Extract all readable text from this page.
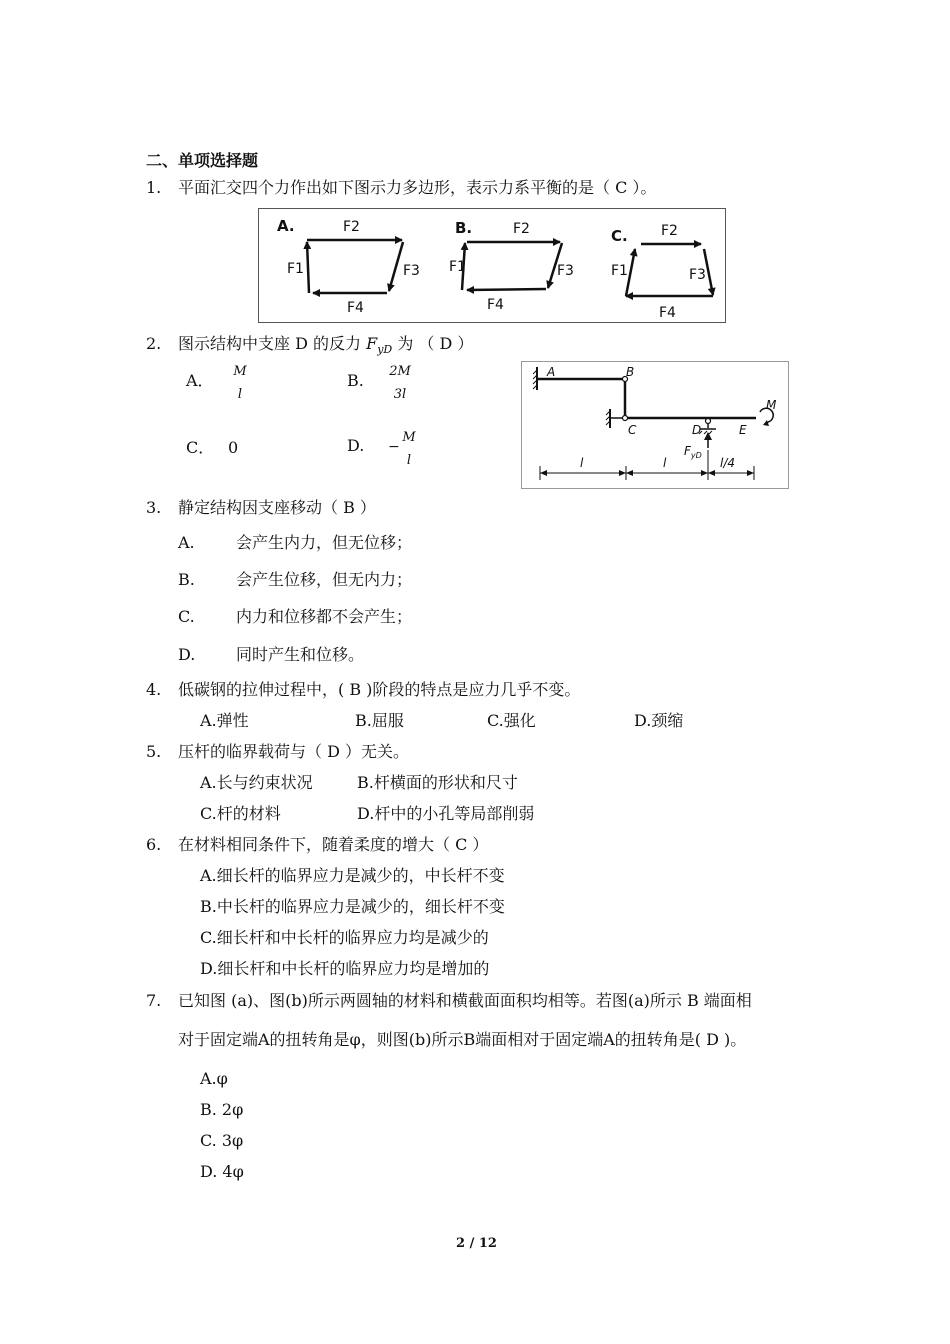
二、单项选择题
1. 平面汇交四个力作出如下图示力多边形，表示力系平衡的是（ C ）。
A.	B.	C.
F2
F1	F3
F4
F2
F1	F3
F4
F2
F1	F3
F4
2. 图示结构中支座 D 的反力 $F_{yD}$ 为 （ D ）
A．	M
l
B.	2M
3l
C． 0	D. −
M
l
A	B
C	D	E
M
$F_{yD}$
l	l	l/4
3. 静定结构因支座移动（ B ）
A.	会产生内力，但无位移；
B.	会产生位移，但无内力；
C.	内力和位移都不会产生；
D.	同时产生和位移。
4. 低碳钢的拉伸过程中，( B )阶段的特点是应力几乎不变。
A.弹性	B.屈服	C.强化	D.颈缩
5. 压杆的临界载荷与（ D ）无关。
A.长与约束状况	B.杆横面的形状和尺寸
C.杆的材料	D.杆中的小孔等局部削弱
6. 在材料相同条件下，随着柔度的增大（ C ）
A.细长杆的临界应力是减少的，中长杆不变
B.中长杆的临界应力是减少的，细长杆不变
C.细长杆和中长杆的临界应力均是减少的
D.细长杆和中长杆的临界应力均是增加的
7. 已知图 (a)、图(b)所示两圆轴的材料和横截面面积均相等。若图(a)所示 B 端面相
对于固定端A的扭转角是φ，则图(b)所示B端面相对于固定端A的扭转角是( D )。
A.φ
B. 2φ
C. 3φ
D. 4φ
2 / 12
